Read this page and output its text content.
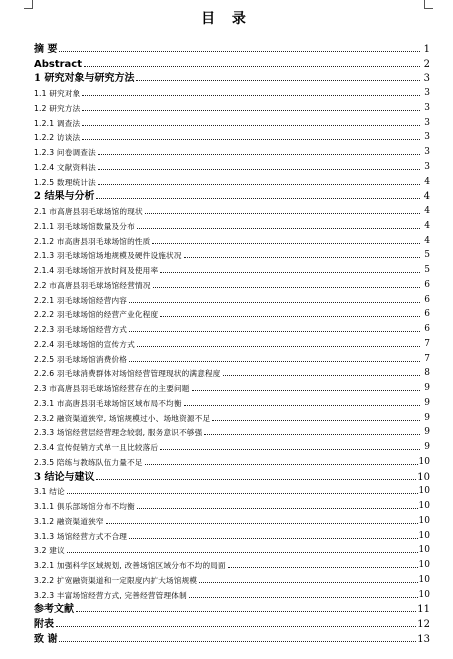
目 录
摘 要	1
Abstract	2
1 研究对象与研究方法	3
1.1 研究对象	3
1.2 研究方法	3
1.2.1 调查法	3
1.2.2 访谈法	3
1.2.3 问卷调查法	3
1.2.4 文献资料法	3
1.2.5 数理统计法	4
2 结果与分析	4
2.1 市高唐县羽毛球场馆的现状	4
2.1.1 羽毛球场馆数量及分布	4
2.1.2 市高唐县羽毛球场馆的性质	4
2.1.3 羽毛球场馆场地规模及硬件设施状况	5
2.1.4 羽毛球场馆开放时间及使用率	5
2.2 市高唐县羽毛球场馆经营情况	6
2.2.1 羽毛球场馆经营内容	6
2.2.2 羽毛球场馆的经营产业化程度	6
2.2.3 羽毛球场馆经营方式	6
2.2.4 羽毛球场馆的宣传方式	7
2.2.5 羽毛球场馆消费价格	7
2.2.6 羽毛球消费群体对场馆经营管理现状的满意程度	8
2.3 市高唐县羽毛球场馆经营存在的主要问题	9
2.3.1 市高唐县羽毛球场馆区域布局不均衡	9
2.3.2 融资渠道狭窄, 场馆规模过小、场地资源不足	9
2.3.3 场馆经营层经营理念较弱, 服务意识不够强	9
2.3.4 宣传促销方式单一且比较落后	9
2.3.5 陪练与教练队伍力量不足	10
3 结论与建议	10
3.1 结论	10
3.1.1 俱乐部场馆分布不均衡	10
3.1.2 融资渠道狭窄	10
3.1.3 场馆经营方式不合理	10
3.2 建议	10
3.2.1 加强科学区域规划, 改善场馆区域分布不均的局面	10
3.2.2 扩宽融资渠道和一定限度内扩大场馆规模	10
3.2.3 丰富场馆经营方式, 完善经营管理体制	10
参考文献	11
附表	12
致 谢	13
